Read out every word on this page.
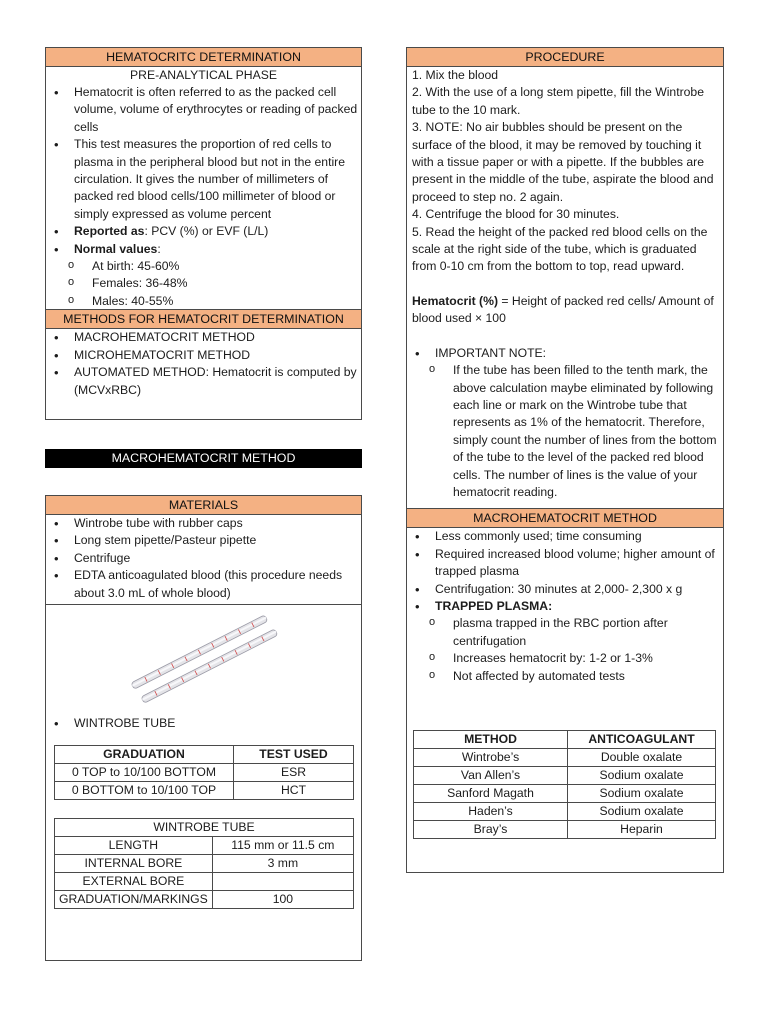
HEMATOCRITC DETERMINATION
PRE-ANALYTICAL PHASE
• Hematocrit is often referred to as the packed cell volume, volume of erythrocytes or reading of packed cells
• This test measures the proportion of red cells to plasma in the peripheral blood but not in the entire circulation. It gives the number of millimeters of packed red blood cells/100 millimeter of blood or simply expressed as volume percent
• Reported as: PCV (%) or EVF (L/L)
• Normal values:
o At birth: 45-60%
o Females: 36-48%
o Males: 40-55%
METHODS FOR HEMATOCRIT DETERMINATION
• MACROHEMATOCRIT METHOD
• MICROHEMATOCRIT METHOD
• AUTOMATED METHOD: Hematocrit is computed by (MCVxRBC)
MACROHEMATOCRIT METHOD
MATERIALS
• Wintrobe tube with rubber caps
• Long stem pipette/Pasteur pipette
• Centrifuge
• EDTA anticoagulated blood (this procedure needs about 3.0 mL of whole blood)
• WINTROBE TUBE
GRADUATION	TEST USED
0 TOP to 10/100 BOTTOM	ESR
0 BOTTOM to 10/100 TOP	HCT
WINTROBE TUBE	
LENGTH	115 mm or 11.5 cm
INTERNAL BORE	3 mm
EXTERNAL BORE	
GRADUATION/MARKINGS	100
PROCEDURE

1. Mix the blood

2. With the use of a long stem pipette, fill the Wintrobe tube to the 10 mark.

3. NOTE: No air bubbles should be present on the surface of the blood, it may be removed by touching it with a tissue paper or with a pipette. If the bubbles are present in the middle of the tube, aspirate the blood and proceed to step no. 2 again.

4. Centrifuge the blood for 30 minutes.

5. Read the height of the packed red blood cells on the scale at the right side of the tube, which is graduated from 0-10 cm from the bottom to top, read upward.

Hematocrit (%) = Height of packed red cells/ Amount of blood used × 100

• IMPORTANT NOTE:
o If the tube has been filled to the tenth mark, the above calculation maybe eliminated by following each line or mark on the Wintrobe tube that represents as 1% of the hematocrit. Therefore, simply count the number of lines from the bottom of the tube to the level of the packed red blood cells. The number of lines is the value of your hematocrit reading.
MACROHEMATOCRIT METHOD
• Less commonly used; time consuming
• Required increased blood volume; higher amount of trapped plasma
• Centrifugation: 30 minutes at 2,000- 2,300 x g
• TRAPPED PLASMA:
o plasma trapped in the RBC portion after centrifugation
o Increases hematocrit by: 1-2 or 1-3%
o Not affected by automated tests
METHOD	ANTICOAGULANT
Wintrobe’s	Double oxalate
Van Allen’s	Sodium oxalate
Sanford Magath	Sodium oxalate
Haden’s	Sodium oxalate
Bray’s	Heparin
